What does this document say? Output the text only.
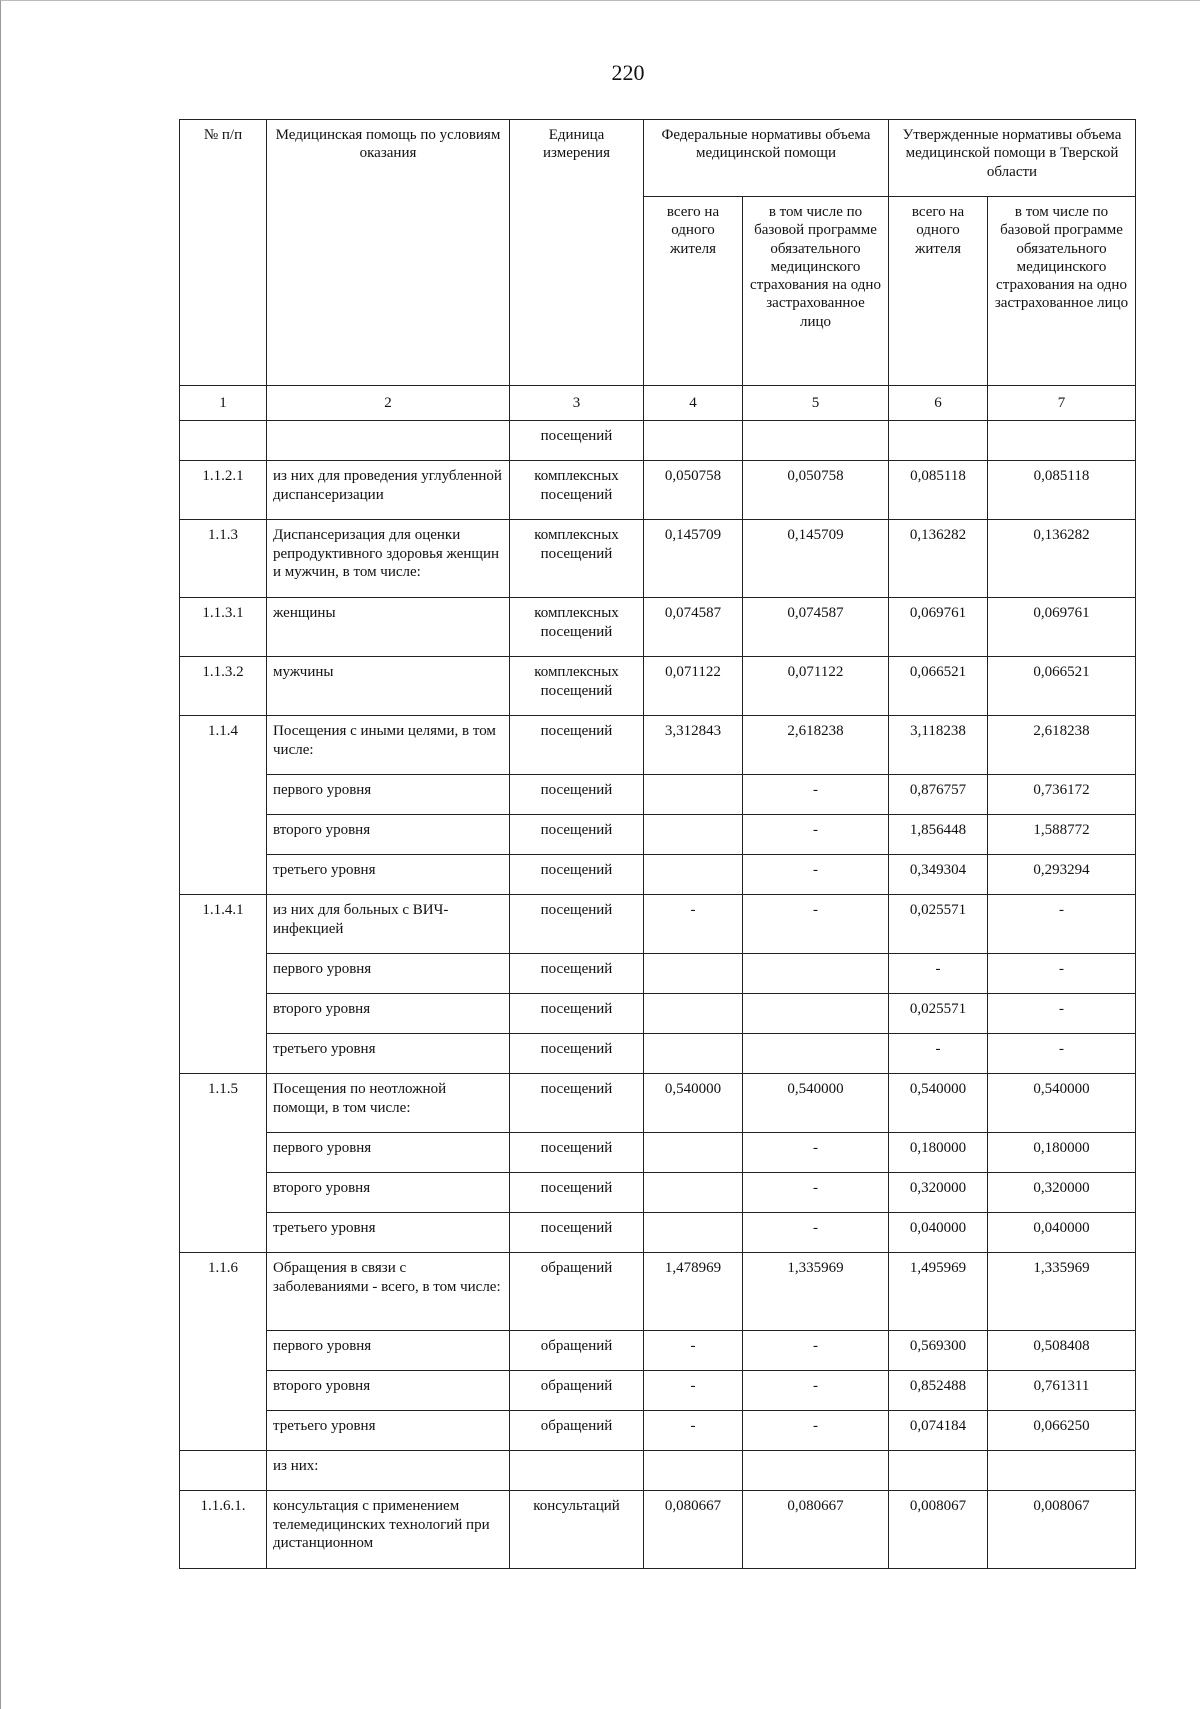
220
№ п/п	Медицинская помощь по условиям оказания	Единица измерения	Федеральные нормативы объема медицинской помощи		Утвержденные нормативы объема медицинской помощи в Тверской области	
			всего на одного жителя	в том числе по базовой программе обязательного медицинского страхования на одно застрахованное лицо	всего на одного жителя	в том числе по базовой программе обязательного медицинского страхования на одно застрахованное лицо
1	2	3	4	5	6	7
		посещений				
1.1.2.1	из них для проведения углубленной диспансеризации	комплексных посещений	0,050758	0,050758	0,085118	0,085118
1.1.3	Диспансеризация для оценки репродуктивного здоровья женщин и мужчин, в том числе:	комплексных посещений	0,145709	0,145709	0,136282	0,136282
1.1.3.1	женщины	комплексных посещений	0,074587	0,074587	0,069761	0,069761
1.1.3.2	мужчины	комплексных посещений	0,071122	0,071122	0,066521	0,066521
1.1.4	Посещения с иными целями, в том числе:	посещений	3,312843	2,618238	3,118238	2,618238
	первого уровня	посещений		-	0,876757	0,736172
	второго уровня	посещений		-	1,856448	1,588772
	третьего уровня	посещений		-	0,349304	0,293294
1.1.4.1	из них для больных с ВИЧ-инфекцией	посещений	-	-	0,025571	-
	первого уровня	посещений			-	-
	второго уровня	посещений			0,025571	-
	третьего уровня	посещений			-	-
1.1.5	Посещения по неотложной помощи, в том числе:	посещений	0,540000	0,540000	0,540000	0,540000
	первого уровня	посещений		-	0,180000	0,180000
	второго уровня	посещений		-	0,320000	0,320000
	третьего уровня	посещений		-	0,040000	0,040000
1.1.6	Обращения в связи с заболеваниями - всего, в том числе:	обращений	1,478969	1,335969	1,495969	1,335969
	первого уровня	обращений	-	-	0,569300	0,508408
	второго уровня	обращений	-	-	0,852488	0,761311
	третьего уровня	обращений	-	-	0,074184	0,066250
	из них:					
1.1.6.1.	консультация с применением телемедицинских технологий при дистанционном	консультаций	0,080667	0,080667	0,008067	0,008067
